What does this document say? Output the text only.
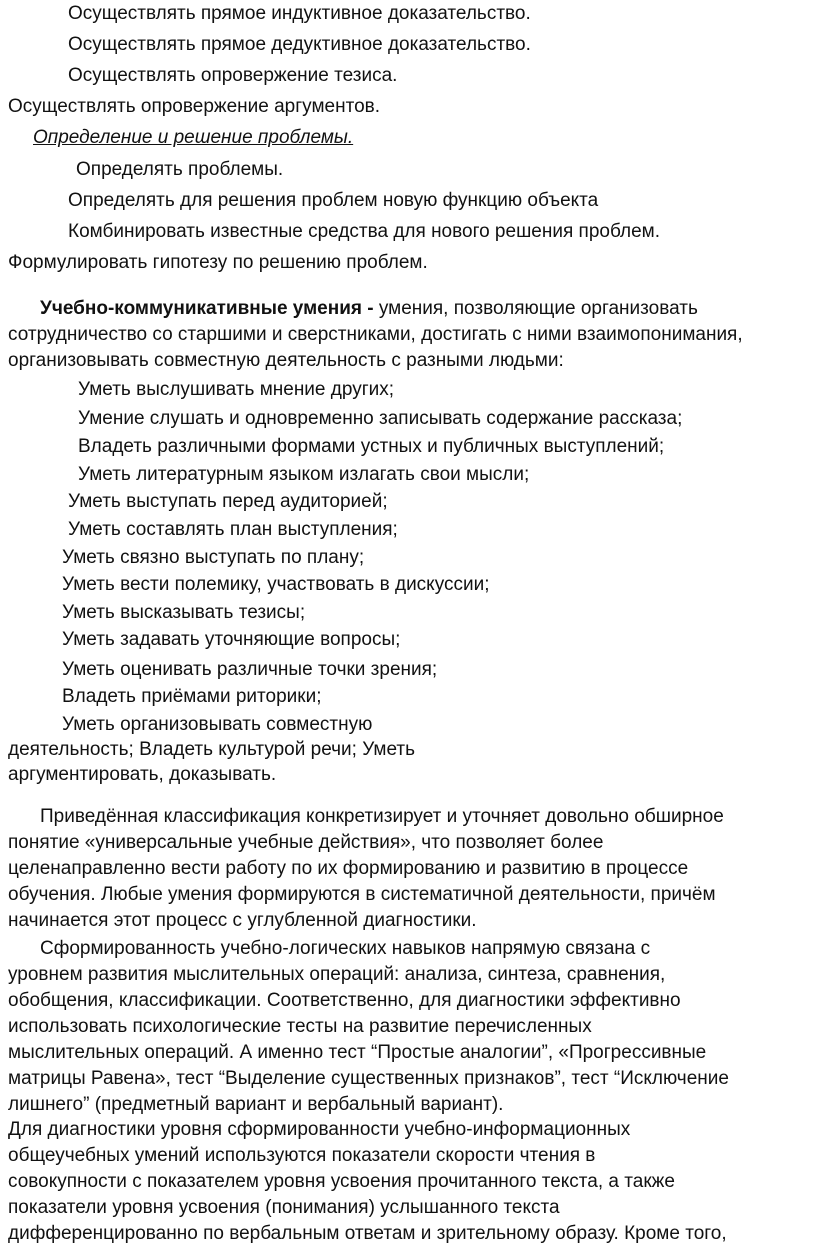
Осуществлять прямое индуктивное доказательство.
Осуществлять прямое дедуктивное доказательство.
Осуществлять опровержение тезиса.
Осуществлять опровержение аргументов.
Определение и решение проблемы.
Определять проблемы.
Определять для решения проблем новую функцию объекта
Комбинировать известные средства для нового решения проблем.
Формулировать гипотезу по решению проблем.
Учебно-коммуникативные умения - умения, позволяющие организовать
сотрудничество со старшими и сверстниками, достигать с ними взаимопонимания,
организовывать совместную деятельность с разными людьми:
Уметь выслушивать мнение других;
Умение слушать и одновременно записывать содержание рассказа;
Владеть различными формами устных и публичных выступлений;
Уметь литературным языком излагать свои мысли;
Уметь выступать перед аудиторией;
Уметь составлять план выступления;
Уметь связно выступать по плану;
Уметь вести полемику, участвовать в дискуссии;
Уметь высказывать тезисы;
Уметь задавать уточняющие вопросы;
Уметь оценивать различные точки зрения;
Владеть приёмами риторики;
Уметь организовывать совместную
деятельность; Владеть культурой речи; Уметь
аргументировать, доказывать.
Приведённая классификация конкретизирует и уточняет довольно обширное
понятие «универсальные учебные действия», что позволяет более
целенаправленно вести работу по их формированию и развитию в процессе
обучения. Любые умения формируются в систематичной деятельности, причём
начинается этот процесс с углубленной диагностики.
Сформированность учебно-логических навыков напрямую связана с
уровнем развития мыслительных операций: анализа, синтеза, сравнения,
обобщения, классификации. Соответственно, для диагностики эффективно
использовать психологические тесты на развитие перечисленных
мыслительных операций. А именно тест “Простые аналогии”, «Прогрессивные
матрицы Равена», тест “Выделение существенных признаков”, тест “Исключение
лишнего” (предметный вариант и вербальный вариант).
Для диагностики уровня сформированности учебно-информационных
общеучебных умений используются показатели скорости чтения в
совокупности с показателем уровня усвоения прочитанного текста, а также
показатели уровня усвоения (понимания) услышанного текста
дифференцированно по вербальным ответам и зрительному образу. Кроме того,
